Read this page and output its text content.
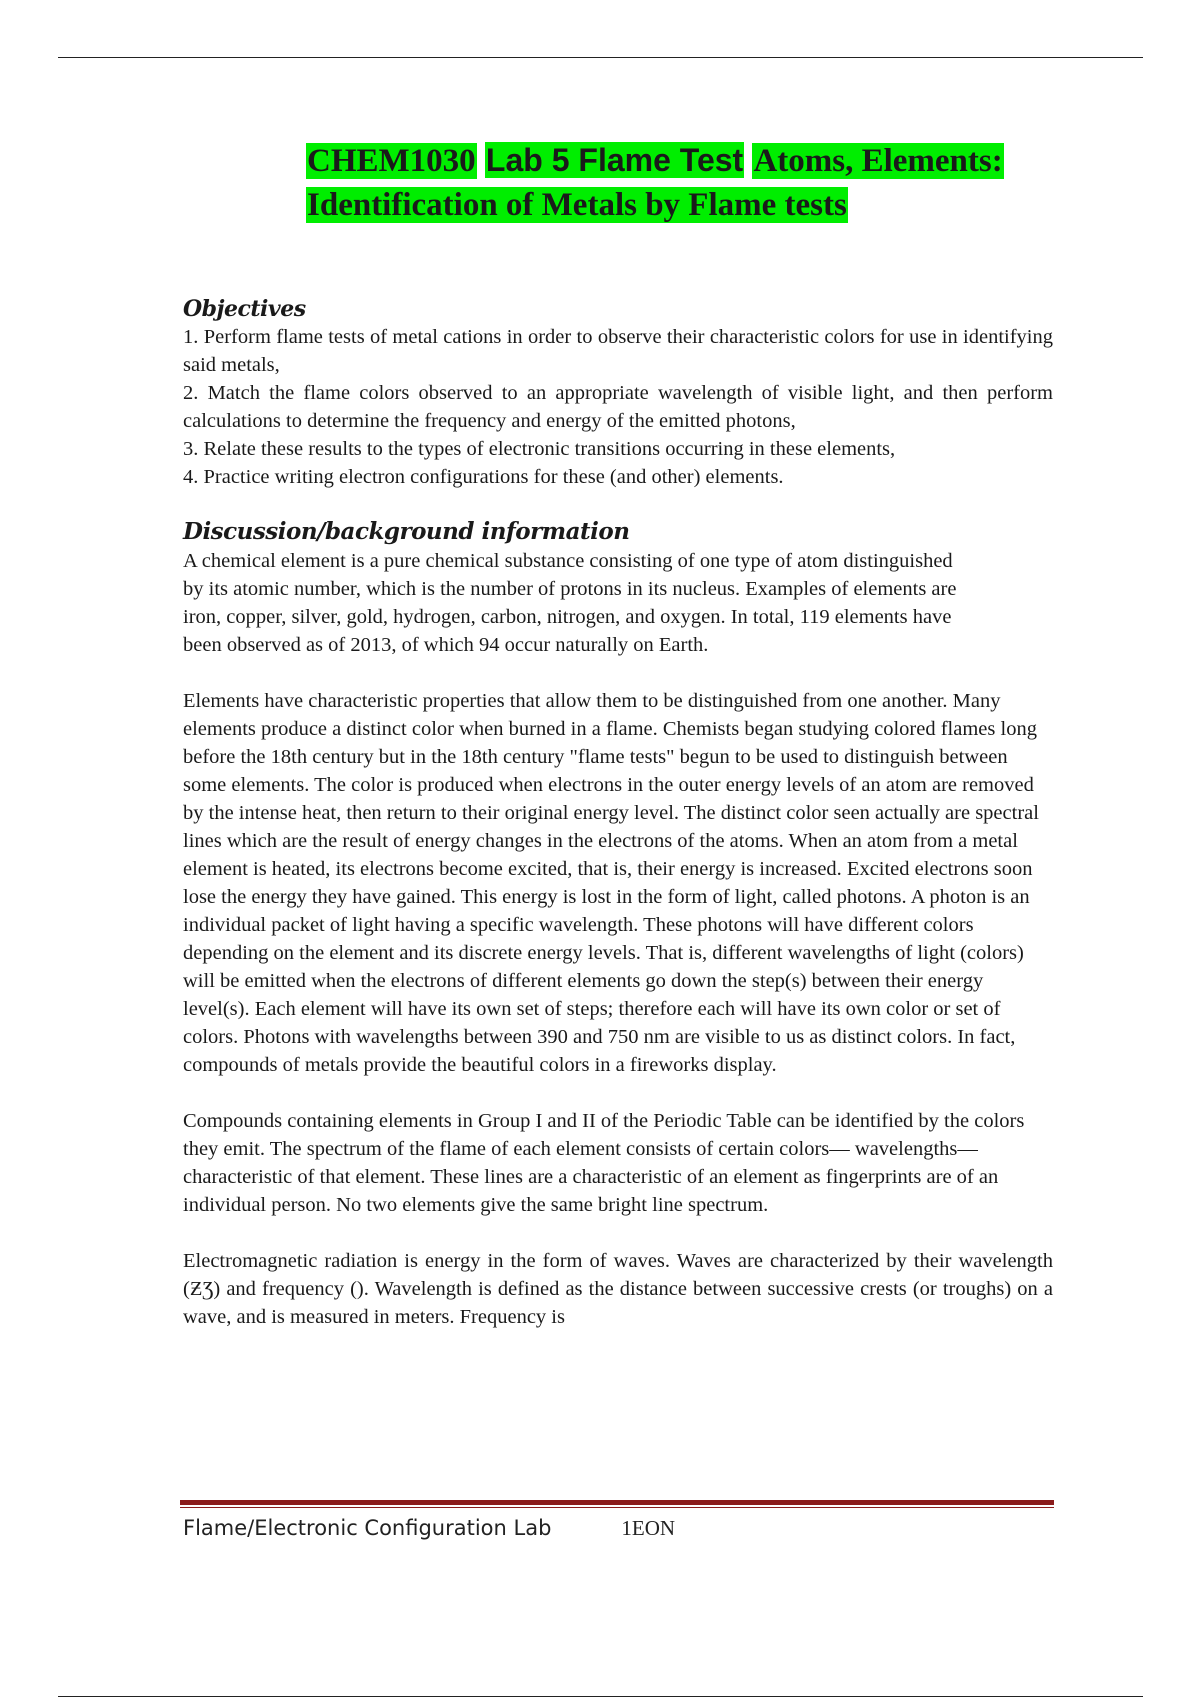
CHEM1030 Lab 5 Flame Test Atoms, Elements:
Identification of Metals by Flame tests
Objectives
1. Perform flame tests of metal cations in order to observe their characteristic colors for use in identifying said metals,
2. Match the flame colors observed to an appropriate wavelength of visible light, and then perform calculations to determine the frequency and energy of the emitted photons,
3. Relate these results to the types of electronic transitions occurring in these elements,
4. Practice writing electron configurations for these (and other) elements.
Discussion/background information

A chemical element is a pure chemical substance consisting of one type of atom distinguished by its atomic number, which is the number of protons in its nucleus. Examples of elements are iron, copper, silver, gold, hydrogen, carbon, nitrogen, and oxygen. In total, 119 elements have been observed as of 2013, of which 94 occur naturally on Earth.

Elements have characteristic properties that allow them to be distinguished from one another. Many elements produce a distinct color when burned in a flame. Chemists began studying colored flames long before the 18th century but in the 18th century "flame tests" begun to be used to distinguish between some elements. The color is produced when electrons in the outer energy levels of an atom are removed by the intense heat, then return to their original energy level. The distinct color seen actually are spectral lines which are the result of energy changes in the electrons of the atoms. When an atom from a metal element is heated, its electrons become excited, that is, their energy is increased. Excited electrons soon lose the energy they have gained. This energy is lost in the form of light, called photons. A photon is an individual packet of light having a specific wavelength. These photons will have different colors depending on the element and its discrete energy levels. That is, different wavelengths of light (colors) will be emitted when the electrons of different elements go down the step(s) between their energy level(s). Each element will have its own set of steps; therefore each will have its own color or set of colors. Photons with wavelengths between 390 and 750 nm are visible to us as distinct colors. In fact, compounds of metals provide the beautiful colors in a fireworks display.

Compounds containing elements in Group I and II of the Periodic Table can be identified by the colors they emit. The spectrum of the flame of each element consists of certain colors— wavelengths—characteristic of that element. These lines are a characteristic of an element as fingerprints are of an individual person. No two elements give the same bright line spectrum.

Electromagnetic radiation is energy in the form of waves. Waves are characterized by their wavelength (ƵƷ) and frequency (). Wavelength is defined as the distance between successive crests (or troughs) on a wave, and is measured in meters. Frequency is

Flame/Electronic Configuration Lab	1EON
